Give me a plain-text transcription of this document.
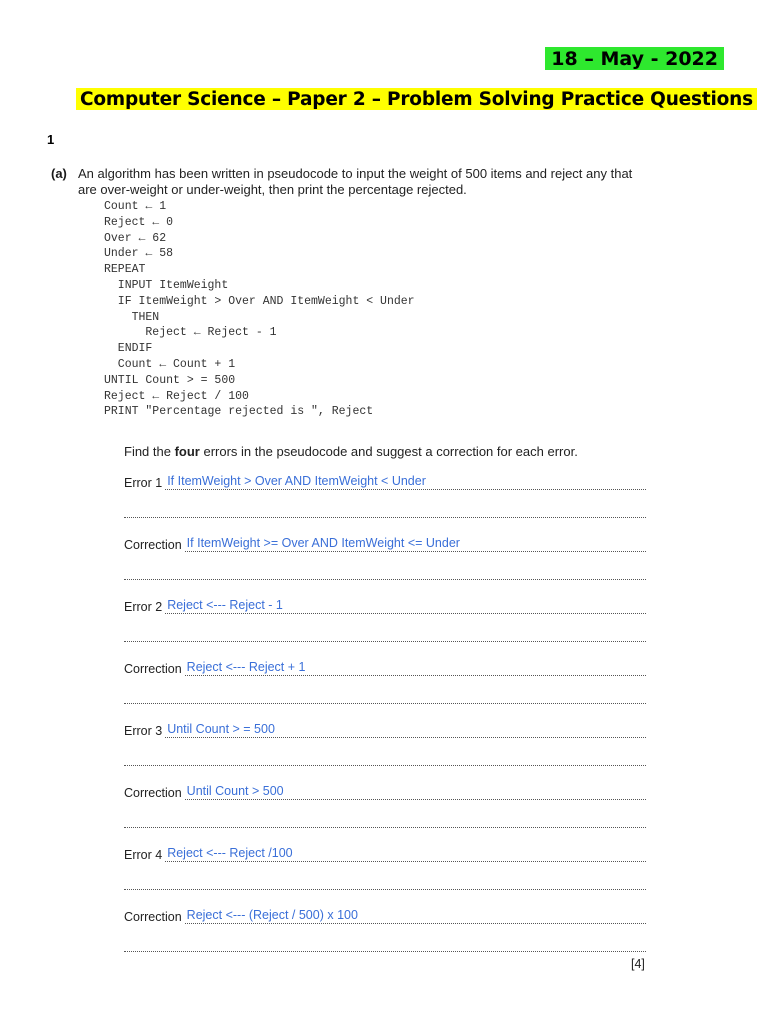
18 – May - 2022
Computer Science – Paper 2 – Problem Solving Practice Questions
1
(a) An algorithm has been written in pseudocode to input the weight of 500 items and reject any that are over-weight or under-weight, then print the percentage rejected.
Count ← 1
Reject ← 0
Over ← 62
Under ← 58
REPEAT
INPUT ItemWeight
IF ItemWeight > Over AND ItemWeight < Under
THEN
Reject ← Reject - 1
ENDIF
Count ← Count + 1
UNTIL Count > = 500
Reject ← Reject / 100
PRINT "Percentage rejected is ", Reject
Find the four errors in the pseudocode and suggest a correction for each error.
Error 1 If ItemWeight > Over AND ItemWeight < Under
Correction If ItemWeight >= Over AND ItemWeight <= Under
Error 2 Reject <--- Reject - 1
Correction Reject <--- Reject + 1
Error 3 Until Count > = 500
Correction Until Count > 500
Error 4 Reject <--- Reject /100
Correction Reject <--- (Reject / 500) x 100
[4]
